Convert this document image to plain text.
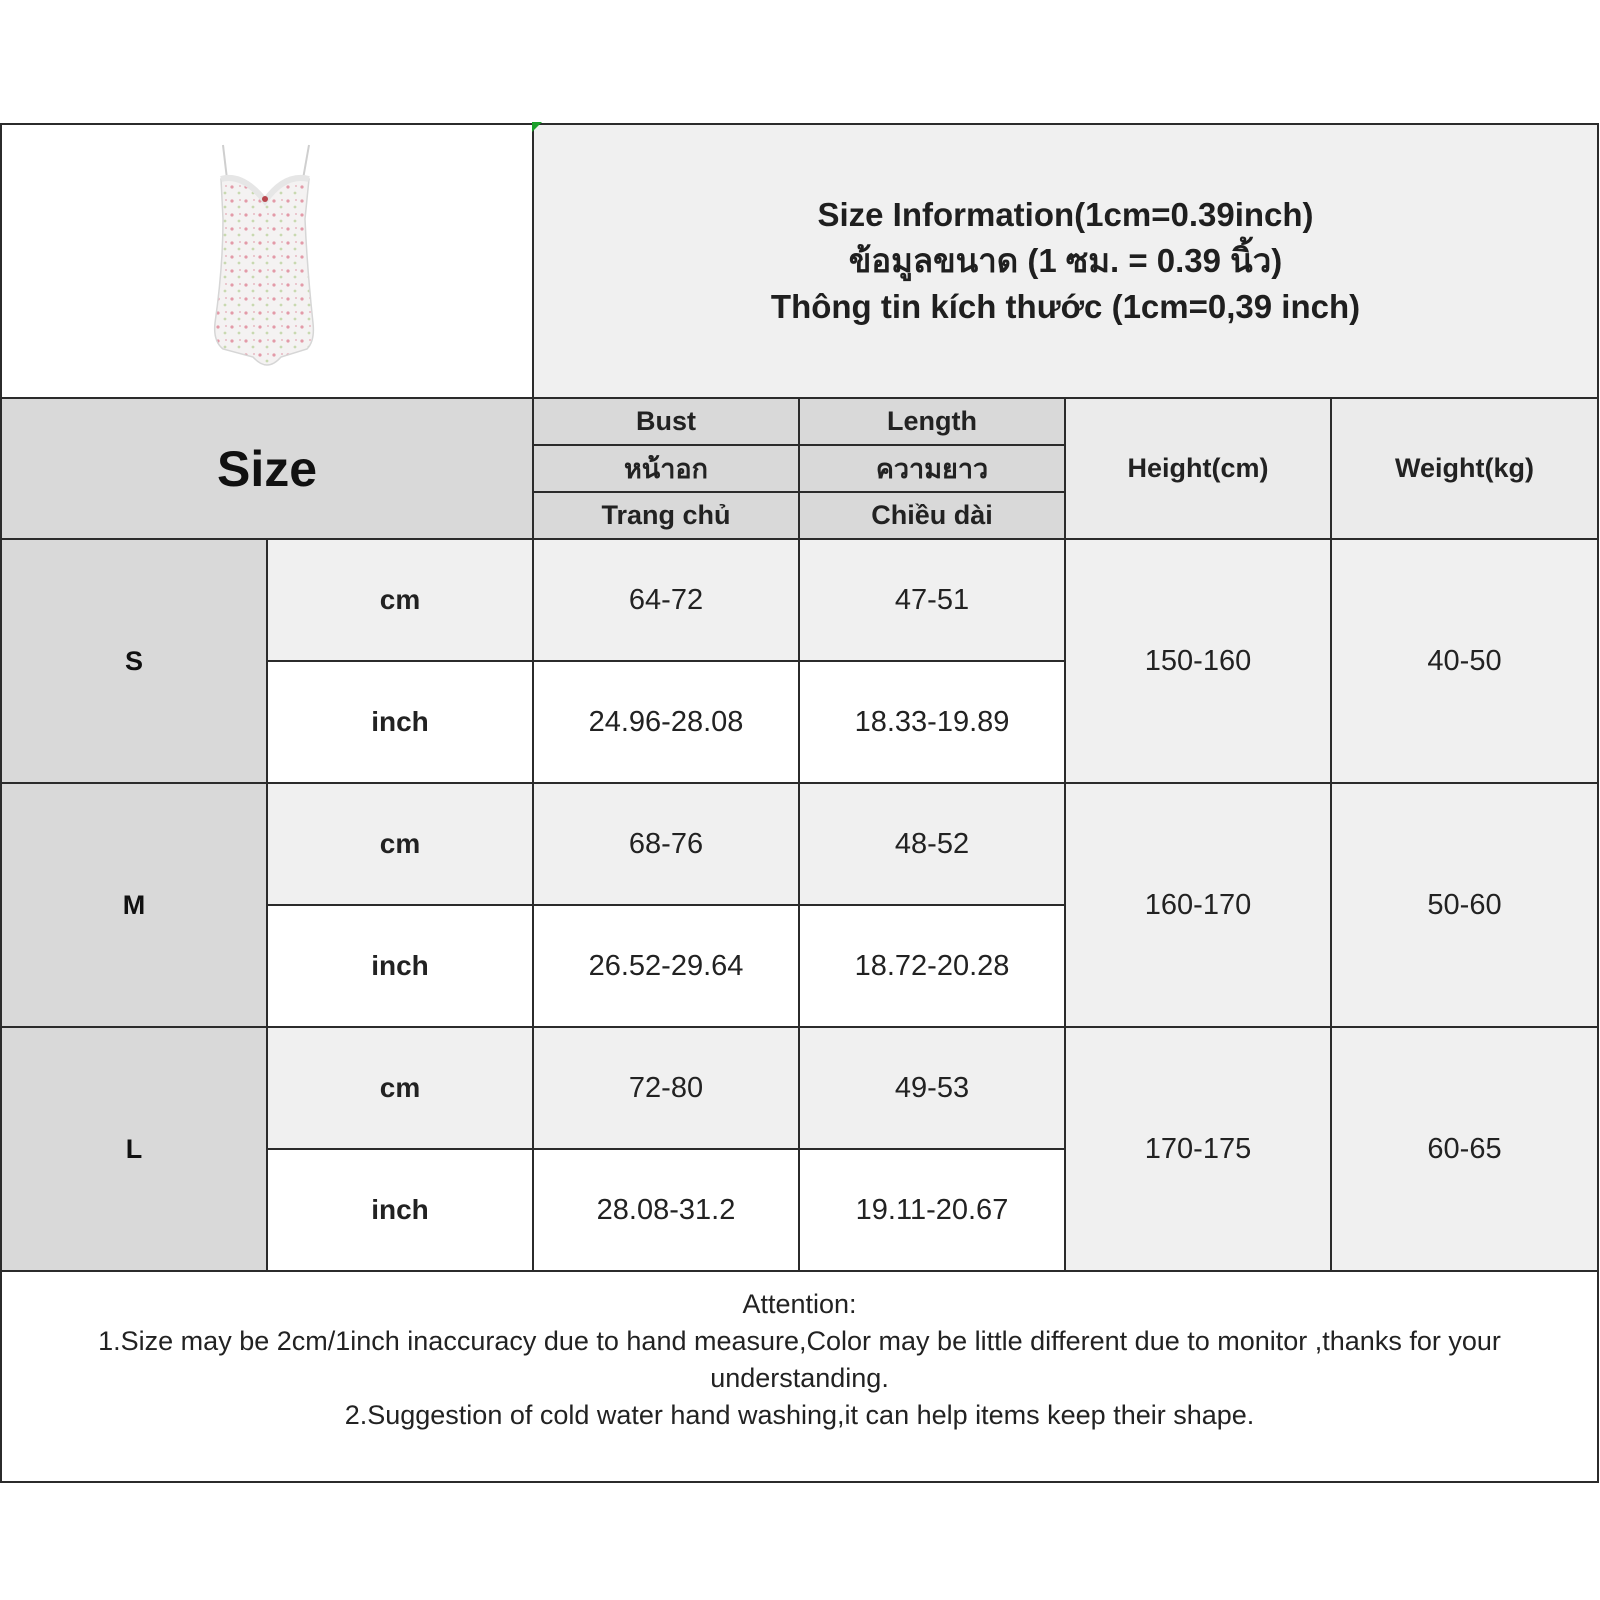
Size Information(1cm=0.39inch)
ข้อมูลขนาด (1 ซม. = 0.39 นิ้ว)
Thông tin kích thước (1cm=0,39 inch)			

Size		Bust	Length	Height(cm)	Weight(kg)
		หน้าอก	ความยาว		
		Trang chủ	Chiều dài		
S	cm	64-72	47-51	150-160	40-50
	inch	24.96-28.08	18.33-19.89		
M	cm	68-76	48-52	160-170	50-60
	inch	26.52-29.64	18.72-20.28		
L	cm	72-80	49-53	170-175	60-65
	inch	28.08-31.2	19.11-20.67		

Attention:
1.Size may be 2cm/1inch inaccuracy due to hand measure,Color may be little different due to monitor ,thanks for your understanding.
2.Suggestion of cold water hand washing,it can help items keep their shape.					
